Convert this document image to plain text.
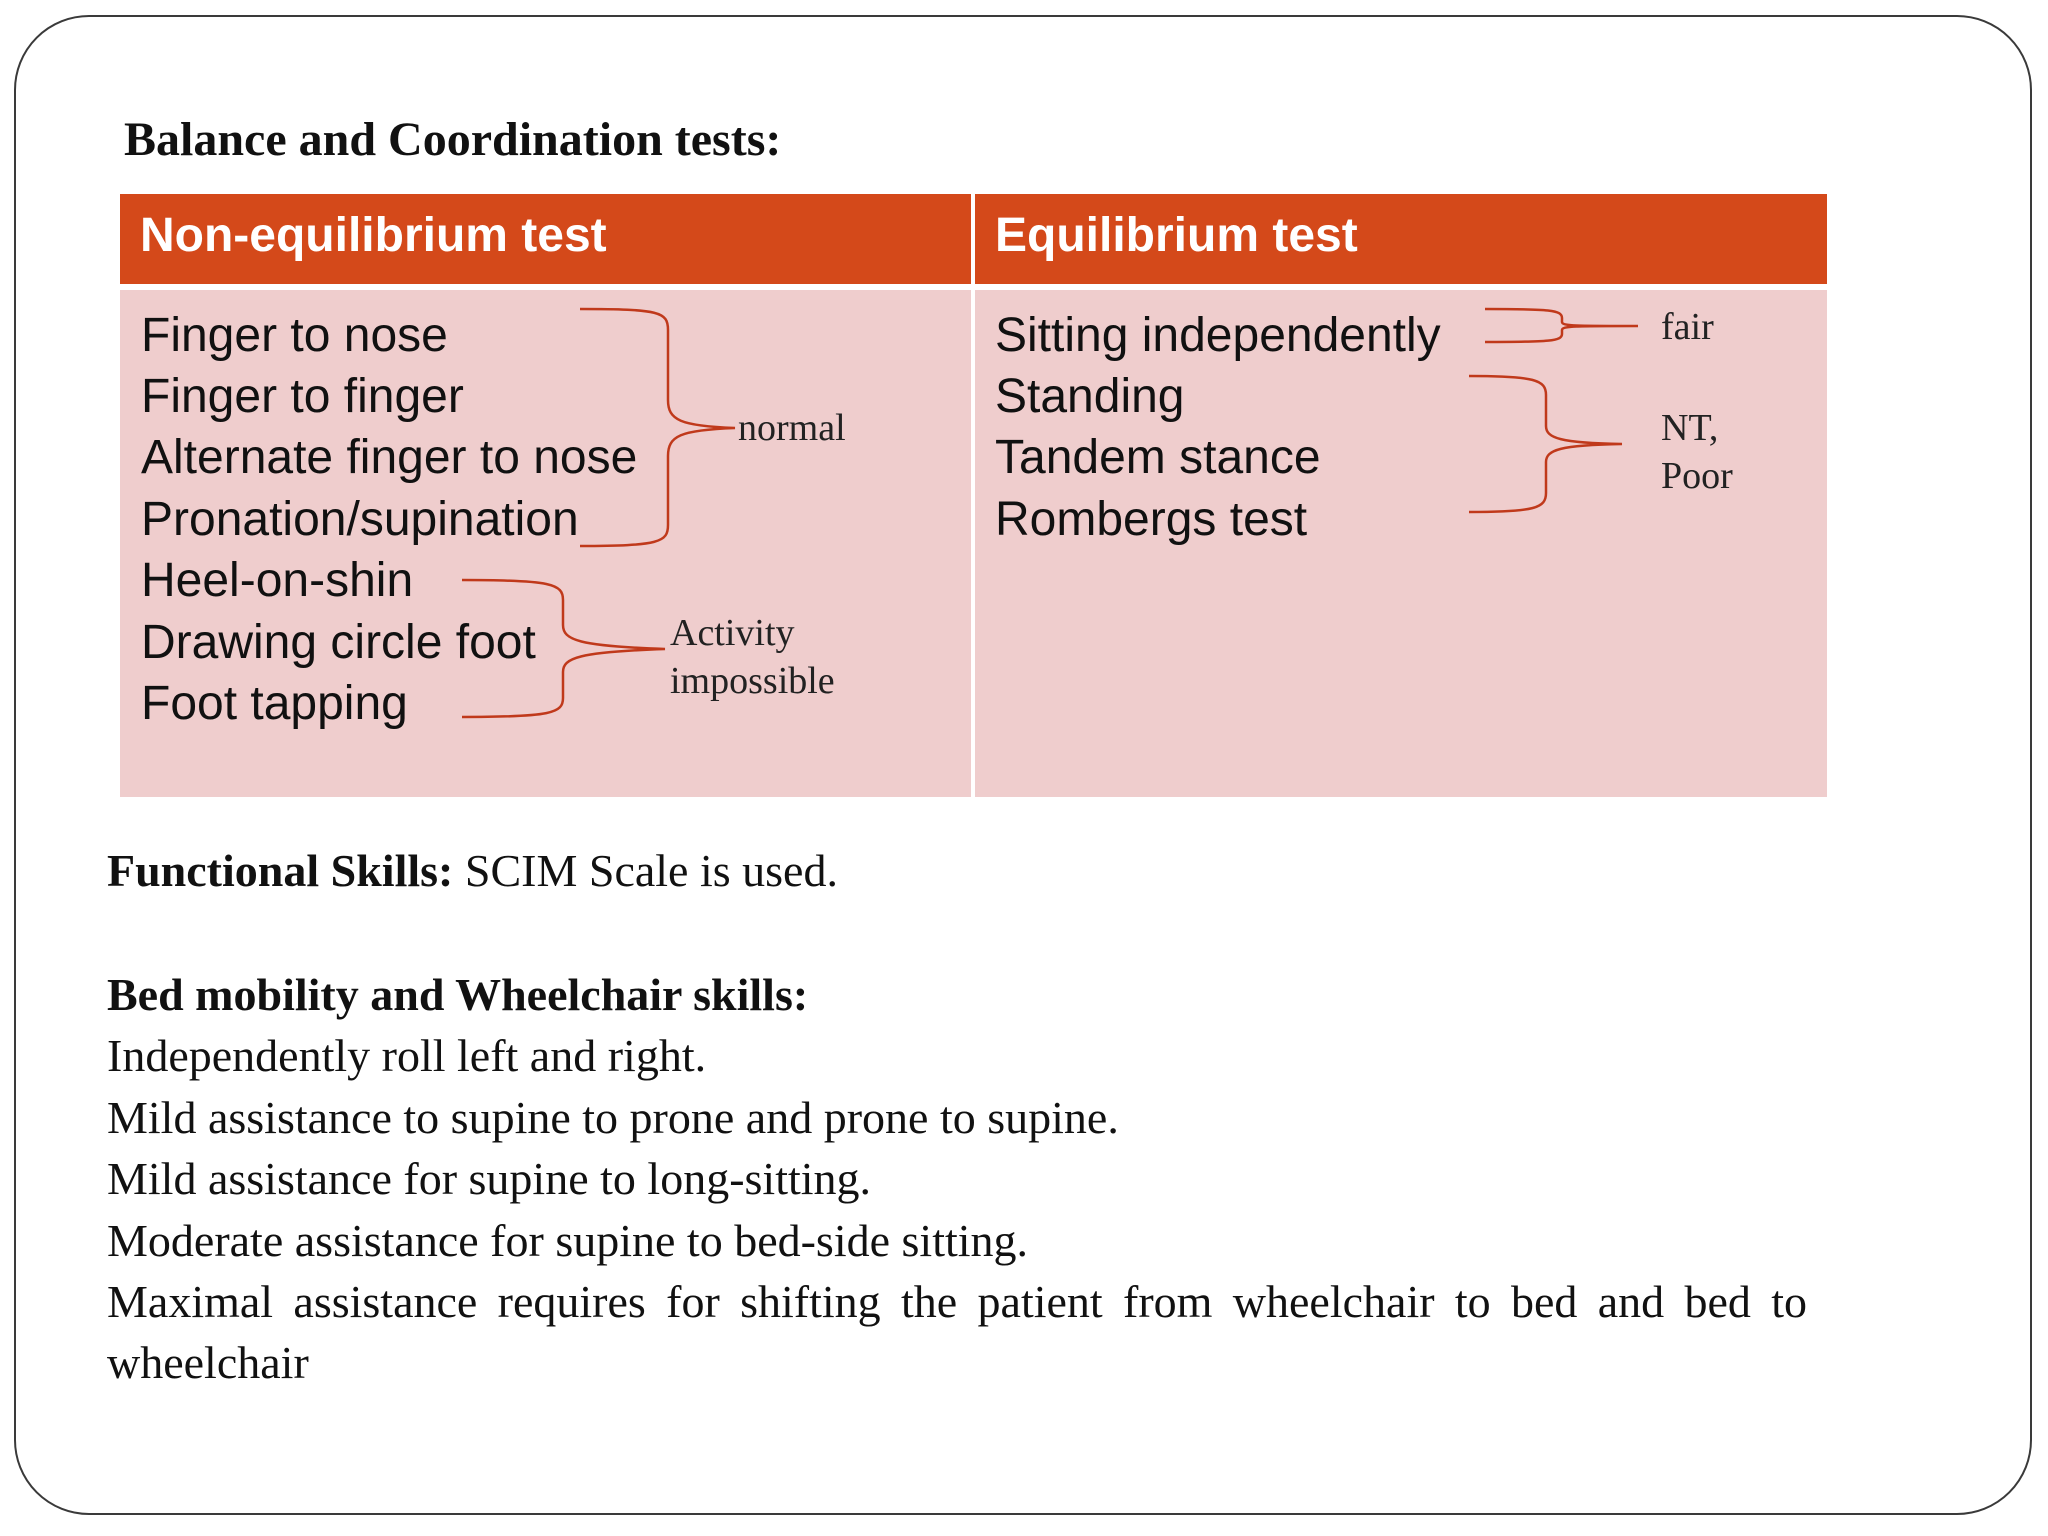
Balance and Coordination tests:
Non-equilibrium test	Equilibrium test
Finger to nose
Finger to finger
Alternate finger to nose
Pronation/supination
Heel-on-shin
Drawing circle foot
Foot tapping
Sitting independently
Standing
Tandem stance
Rombergs test
normal
Activity
impossible
fair
NT,
Poor
Functional Skills: SCIM Scale is used.
Bed mobility and Wheelchair skills:
Independently roll left and right.
Mild assistance to supine to prone and prone to supine.
Mild assistance for supine to long-sitting.
Moderate assistance for supine to bed-side sitting.
Maximal assistance requires for shifting the patient from wheelchair to bed and bed to wheelchair
